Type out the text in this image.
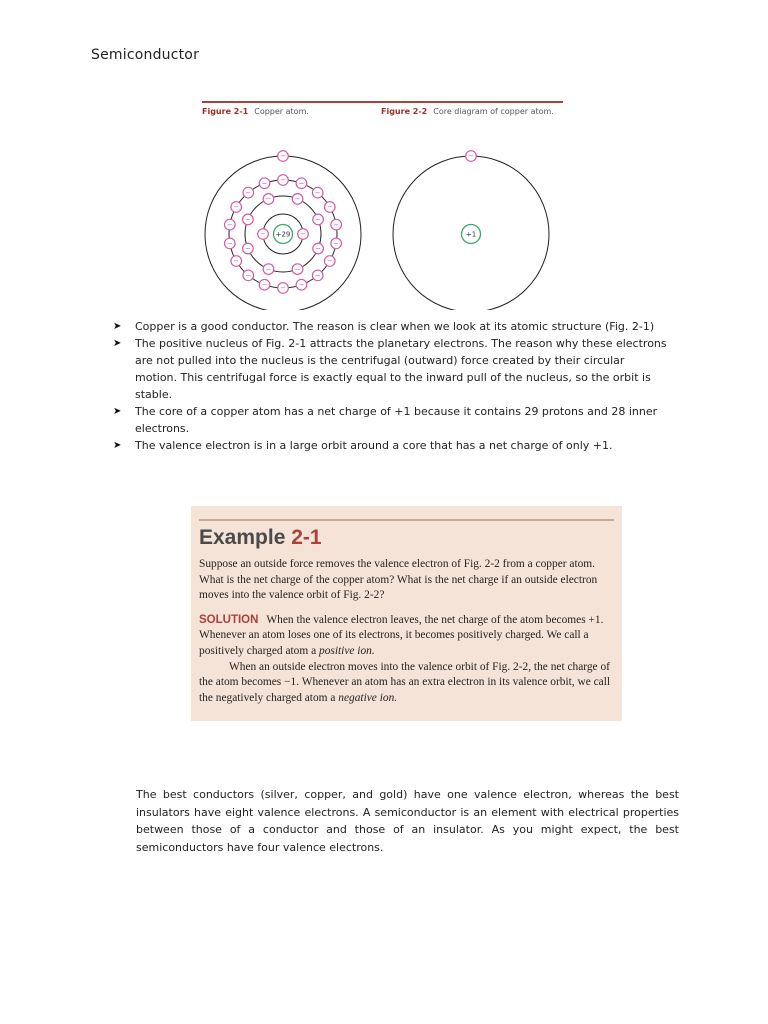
Semiconductor
Figure 2-1 Copper atom.
−
−
−
−
−
−
−
−	−
−
−
−
−
−
−
−
−
−
−
−
−
−
− − −
−
−
−
−
+29
Figure 2-2 Core diagram of copper atom.
−
+1
➤ Copper is a good conductor. The reason is clear when we look at its atomic structure (Fig. 2-1)
➤ The positive nucleus of Fig. 2-1 attracts the planetary electrons. The reason why these electrons are not pulled into the nucleus is the centrifugal (outward) force created by their circular motion. This centrifugal force is exactly equal to the inward pull of the nucleus, so the orbit is stable.
➤ The core of a copper atom has a net charge of +1 because it contains 29 protons and 28 inner electrons.
➤ The valence electron is in a large orbit around a core that has a net charge of only +1.
Example 2-1

Suppose an outside force removes the valence electron of Fig. 2-2 from a copper atom. What is the net charge of the copper atom? What is the net charge if an outside electron moves into the valence orbit of Fig. 2-2?

SOLUTION When the valence electron leaves, the net charge of the atom becomes +1. Whenever an atom loses one of its electrons, it becomes positively charged. We call a positively charged atom a positive ion.

When an outside electron moves into the valence orbit of Fig. 2-2, the net charge of the atom becomes −1. Whenever an atom has an extra electron in its valence orbit, we call the negatively charged atom a negative ion.

The best conductors (silver, copper, and gold) have one valence electron, whereas the best insulators have eight valence electrons. A semiconductor is an element with electrical properties between those of a conductor and those of an insulator. As you might expect, the best semiconductors have four valence electrons.
